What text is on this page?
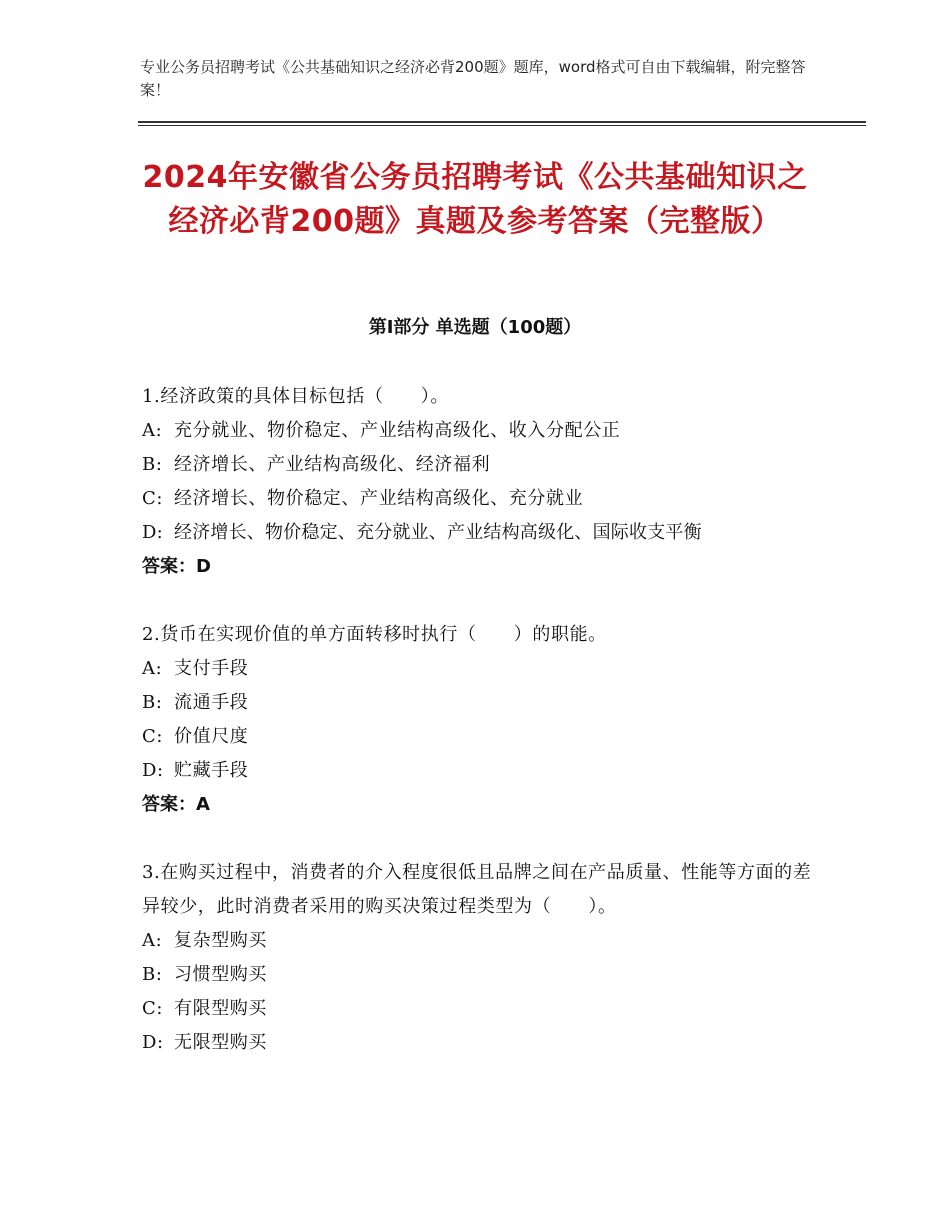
专业公务员招聘考试《公共基础知识之经济必背200题》题库，word格式可自由下载编辑，附完整答案！
2024年安徽省公务员招聘考试《公共基础知识之经济必背200题》真题及参考答案（完整版）
第Ⅰ部分 单选题（100题）
1.经济政策的具体目标包括（　　）。
A: 充分就业、物价稳定、产业结构高级化、收入分配公正
B: 经济增长、产业结构高级化、经济福利
C: 经济增长、物价稳定、产业结构高级化、充分就业
D: 经济增长、物价稳定、充分就业、产业结构高级化、国际收支平衡
答案：D
2.货币在实现价值的单方面转移时执行（　　）的职能。
A: 支付手段
B: 流通手段
C: 价值尺度
D: 贮藏手段
答案：A
3.在购买过程中，消费者的介入程度很低且品牌之间在产品质量、性能等方面的差异较少，此时消费者采用的购买决策过程类型为（　　）。
A: 复杂型购买
B: 习惯型购买
C: 有限型购买
D: 无限型购买
